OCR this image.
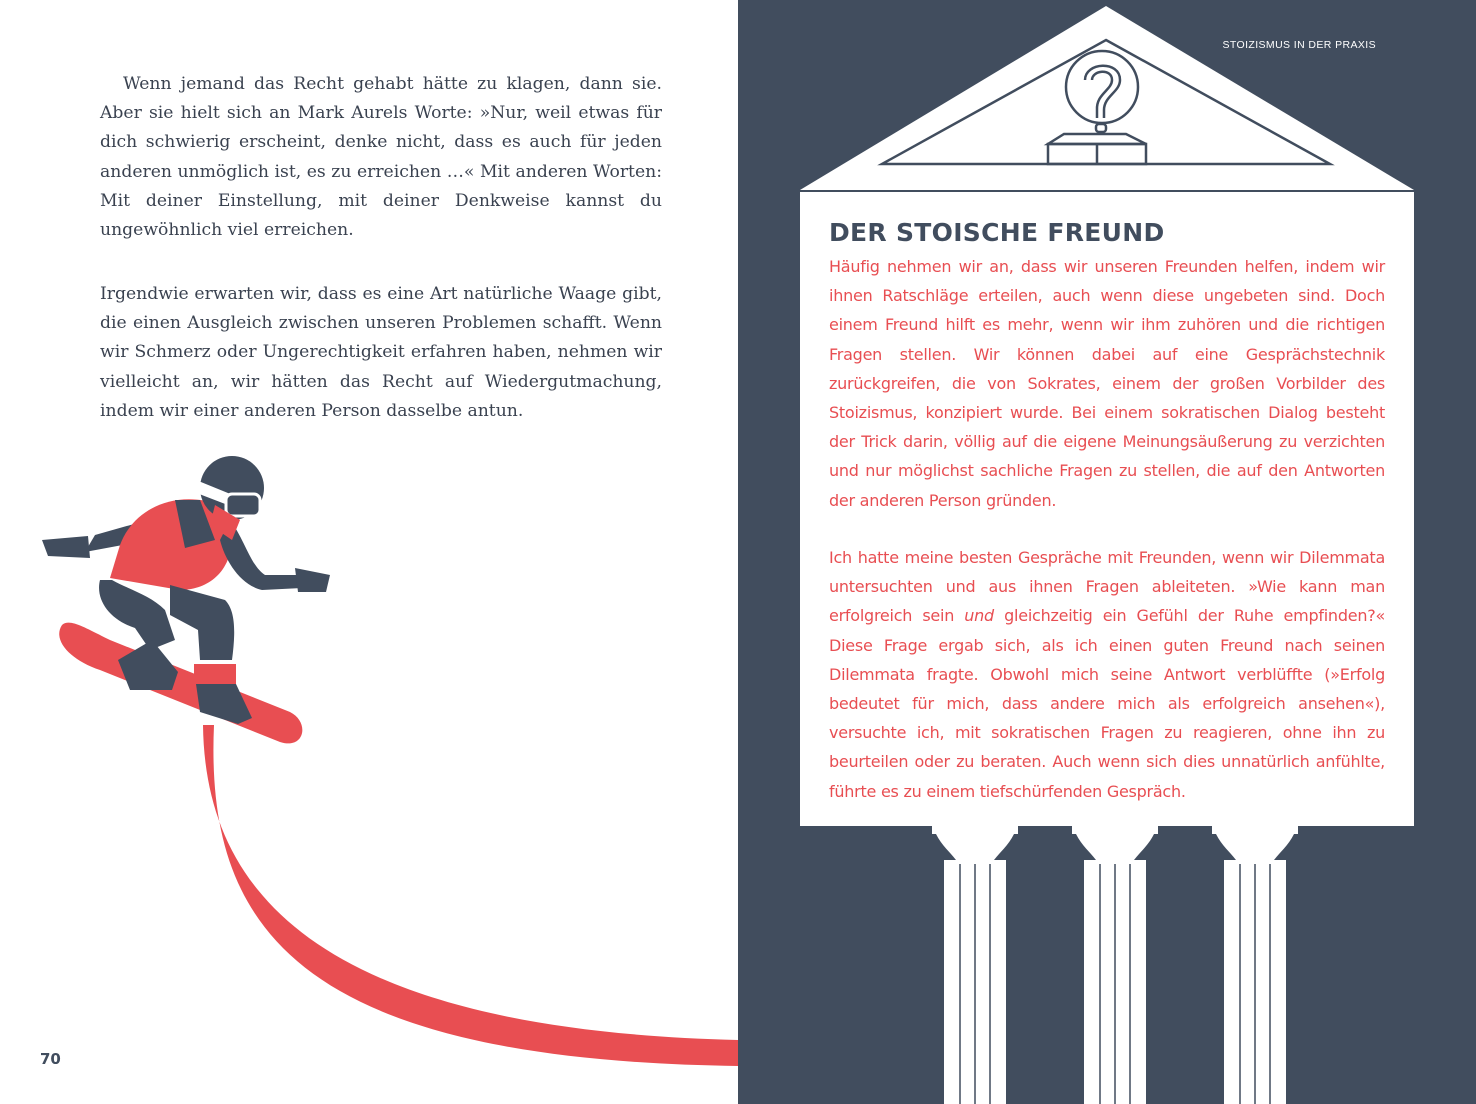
Wenn jemand das Recht gehabt hätte zu klagen, dann sie. Aber sie hielt sich an Mark Aurels Worte: »Nur, weil etwas für dich schwierig erscheint, denke nicht, dass es auch für jeden anderen unmöglich ist, es zu erreichen …« Mit anderen Worten: Mit deiner Einstellung, mit deiner Denkweise kannst du ungewöhnlich viel erreichen.

Irgendwie erwarten wir, dass es eine Art natürliche Waage gibt, die einen Ausgleich zwischen unseren Problemen schafft. Wenn wir Schmerz oder Ungerechtigkeit erfahren haben, nehmen wir vielleicht an, wir hätten das Recht auf Wiedergutmachung, indem wir einer anderen Person dasselbe antun.

70
STOIZISMUS IN DER PRAXIS
DER STOISCHE FREUND

Häufig nehmen wir an, dass wir unseren Freunden helfen, indem wir ihnen Ratschläge erteilen, auch wenn diese ungebeten sind. Doch einem Freund hilft es mehr, wenn wir ihm zuhören und die richtigen Fragen stellen. Wir können dabei auf eine Gesprächstechnik zurückgreifen, die von Sokrates, einem der großen Vorbilder des Stoizismus, konzipiert wurde. Bei einem sokratischen Dialog besteht der Trick darin, völlig auf die eigene Meinungsäußerung zu verzichten und nur möglichst sachliche Fragen zu stellen, die auf den Antworten der anderen Person gründen.

Ich hatte meine besten Gespräche mit Freunden, wenn wir Dilemmata untersuchten und aus ihnen Fragen ableiteten. »Wie kann man erfolgreich sein und gleichzeitig ein Gefühl der Ruhe empfinden?« Diese Frage ergab sich, als ich einen guten Freund nach seinen Dilemmata fragte. Obwohl mich seine Antwort verblüffte (»Erfolg bedeutet für mich, dass andere mich als erfolgreich ansehen«), versuchte ich, mit sokratischen Fragen zu reagieren, ohne ihn zu beurteilen oder zu beraten. Auch wenn sich dies unnatürlich anfühlte, führte es zu einem tiefschürfenden Gespräch.
